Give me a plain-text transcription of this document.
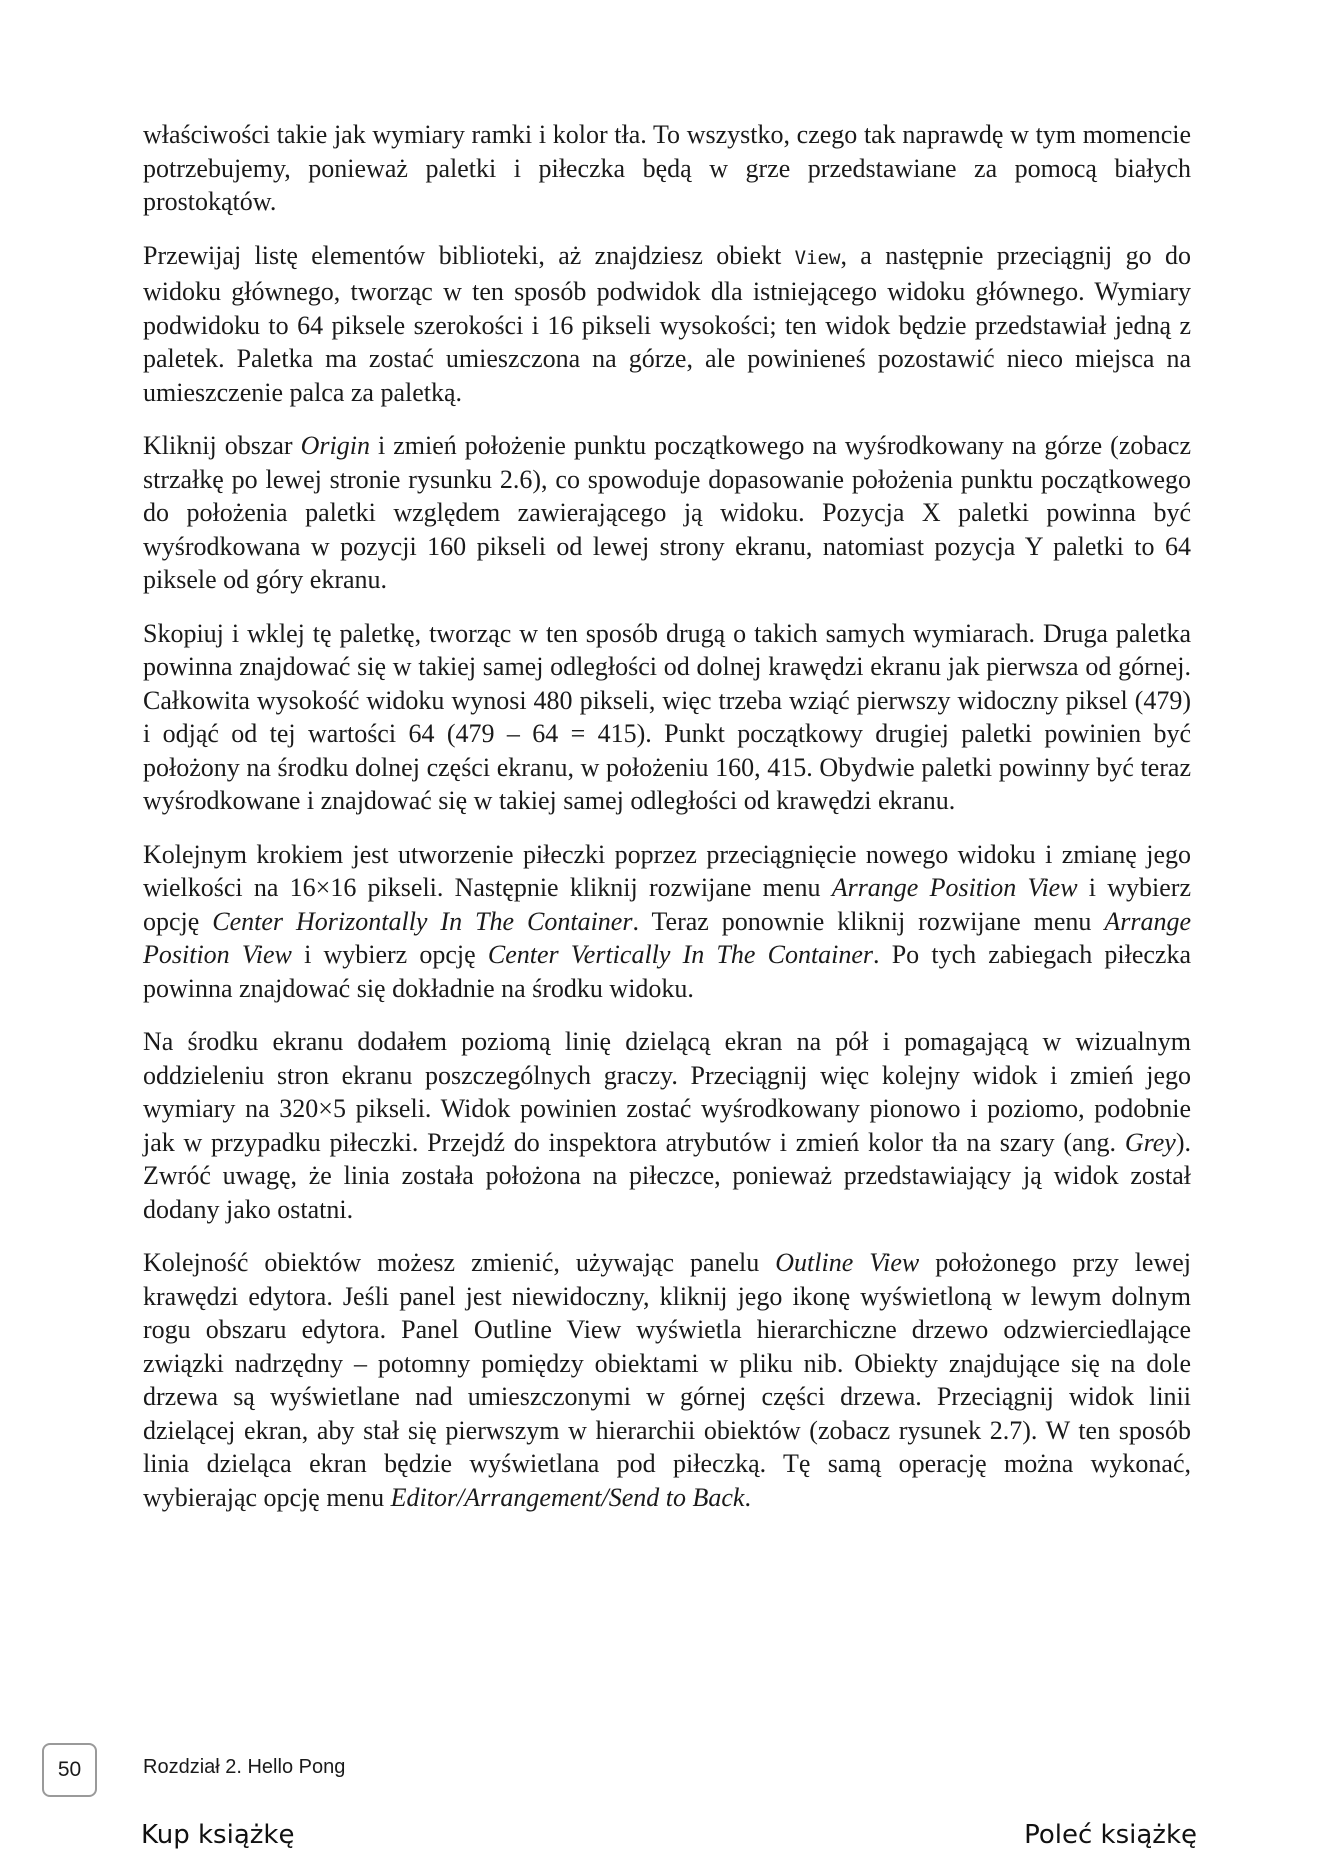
właściwości takie jak wymiary ramki i kolor tła. To wszystko, czego tak naprawdę w tym momencie potrzebujemy, ponieważ paletki i piłeczka będą w grze przedstawiane za pomocą białych prostokątów.

Przewijaj listę elementów biblioteki, aż znajdziesz obiekt View, a następnie przeciągnij go do widoku głównego, tworząc w ten sposób podwidok dla istniejącego widoku głównego. Wymiary podwidoku to 64 piksele szerokości i 16 pikseli wysokości; ten widok będzie przedstawiał jedną z paletek. Paletka ma zostać umieszczona na górze, ale powinieneś pozostawić nieco miejsca na umieszczenie palca za paletką.

Kliknij obszar Origin i zmień położenie punktu początkowego na wyśrodkowany na górze (zobacz strzałkę po lewej stronie rysunku 2.6), co spowoduje dopasowanie położenia punktu początkowego do położenia paletki względem zawierającego ją widoku. Pozycja X paletki powinna być wyśrodkowana w pozycji 160 pikseli od lewej strony ekranu, natomiast pozycja Y paletki to 64 piksele od góry ekranu.

Skopiuj i wklej tę paletkę, tworząc w ten sposób drugą o takich samych wymiarach. Druga paletka powinna znajdować się w takiej samej odległości od dolnej krawędzi ekranu jak pierwsza od górnej. Całkowita wysokość widoku wynosi 480 pikseli, więc trzeba wziąć pierwszy widoczny piksel (479) i odjąć od tej wartości 64 (479 – 64 = 415). Punkt początkowy drugiej paletki powinien być położony na środku dolnej części ekranu, w położeniu 160, 415. Obydwie paletki powinny być teraz wyśrodkowane i znajdować się w takiej samej odległości od krawędzi ekranu.

Kolejnym krokiem jest utworzenie piłeczki poprzez przeciągnięcie nowego widoku i zmianę jego wielkości na 16×16 pikseli. Następnie kliknij rozwijane menu Arrange Position View i wybierz opcję Center Horizontally In The Container. Teraz ponownie kliknij rozwijane menu Arrange Position View i wybierz opcję Center Vertically In The Container. Po tych zabiegach piłeczka powinna znajdować się dokładnie na środku widoku.

Na środku ekranu dodałem poziomą linię dzielącą ekran na pół i pomagającą w wizualnym oddzieleniu stron ekranu poszczególnych graczy. Przeciągnij więc kolejny widok i zmień jego wymiary na 320×5 pikseli. Widok powinien zostać wyśrodkowany pionowo i poziomo, podobnie jak w przypadku piłeczki. Przejdź do inspektora atrybutów i zmień kolor tła na szary (ang. Grey). Zwróć uwagę, że linia została położona na piłeczce, ponieważ przedstawiający ją widok został dodany jako ostatni.

Kolejność obiektów możesz zmienić, używając panelu Outline View położonego przy lewej krawędzi edytora. Jeśli panel jest niewidoczny, kliknij jego ikonę wyświetloną w lewym dolnym rogu obszaru edytora. Panel Outline View wyświetla hierarchiczne drzewo odzwierciedlające związki nadrzędny – potomny pomiędzy obiektami w pliku nib. Obiekty znajdujące się na dole drzewa są wyświetlane nad umieszczonymi w górnej części drzewa. Przeciągnij widok linii dzielącej ekran, aby stał się pierwszym w hierarchii obiektów (zobacz rysunek 2.7). W ten sposób linia dzieląca ekran będzie wyświetlana pod piłeczką. Tę samą operację można wykonać, wybierając opcję menu Editor/Arrangement/Send to Back.

50	Rozdział 2. Hello Pong
Kup książkę	Poleć książkę
